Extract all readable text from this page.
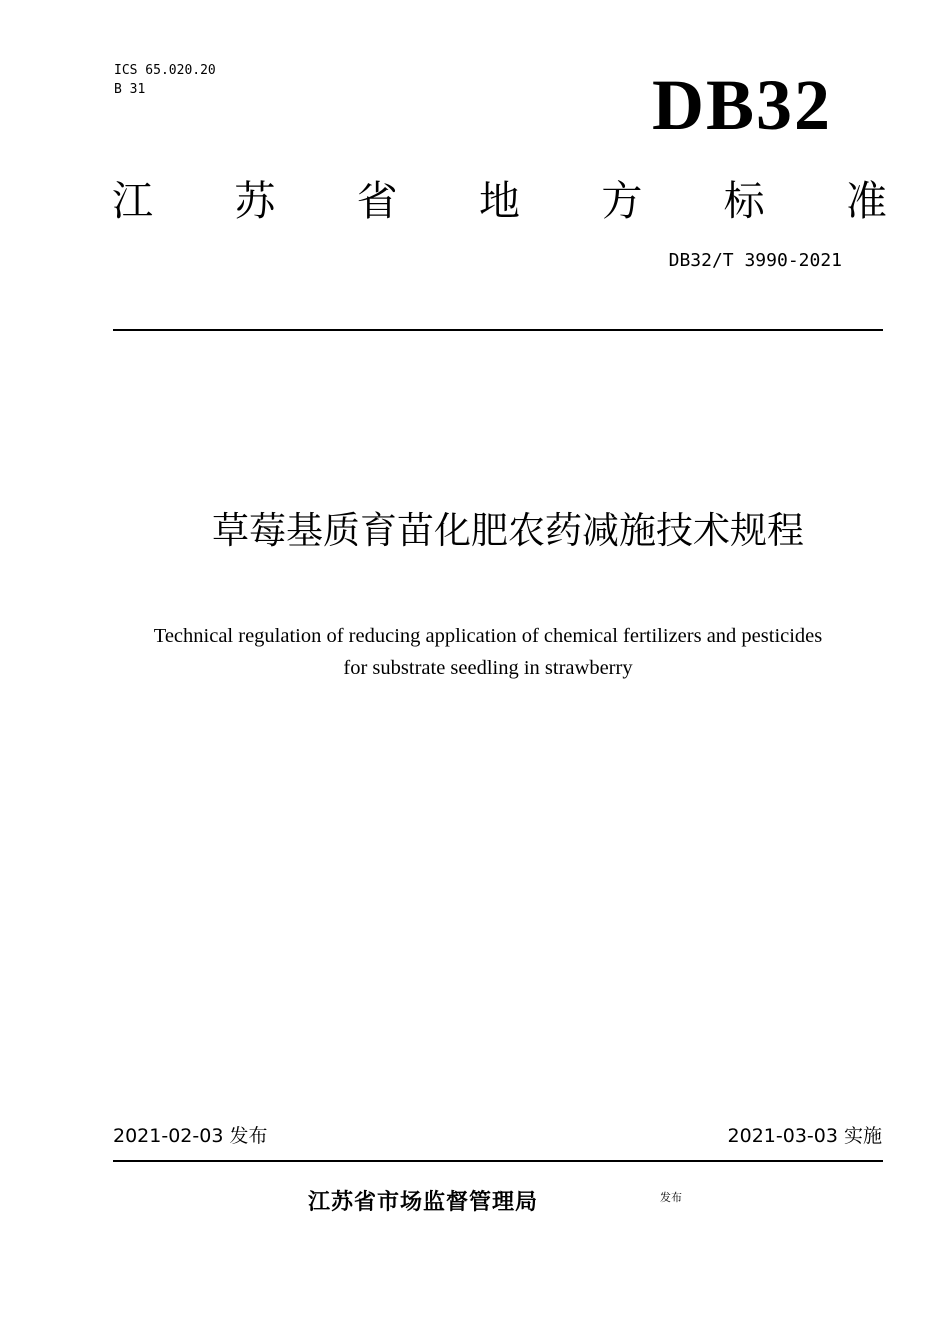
ICS 65.020.20
B 31	DB32
江 苏 省 地 方 标 准
DB32/T 3990-2021
草莓基质育苗化肥农药减施技术规程
Technical regulation of reducing application of chemical fertilizers and pesticides
for substrate seedling in strawberry
2021-02-03 发布	2021-03-03 实施
江苏省市场监督管理局	发布
